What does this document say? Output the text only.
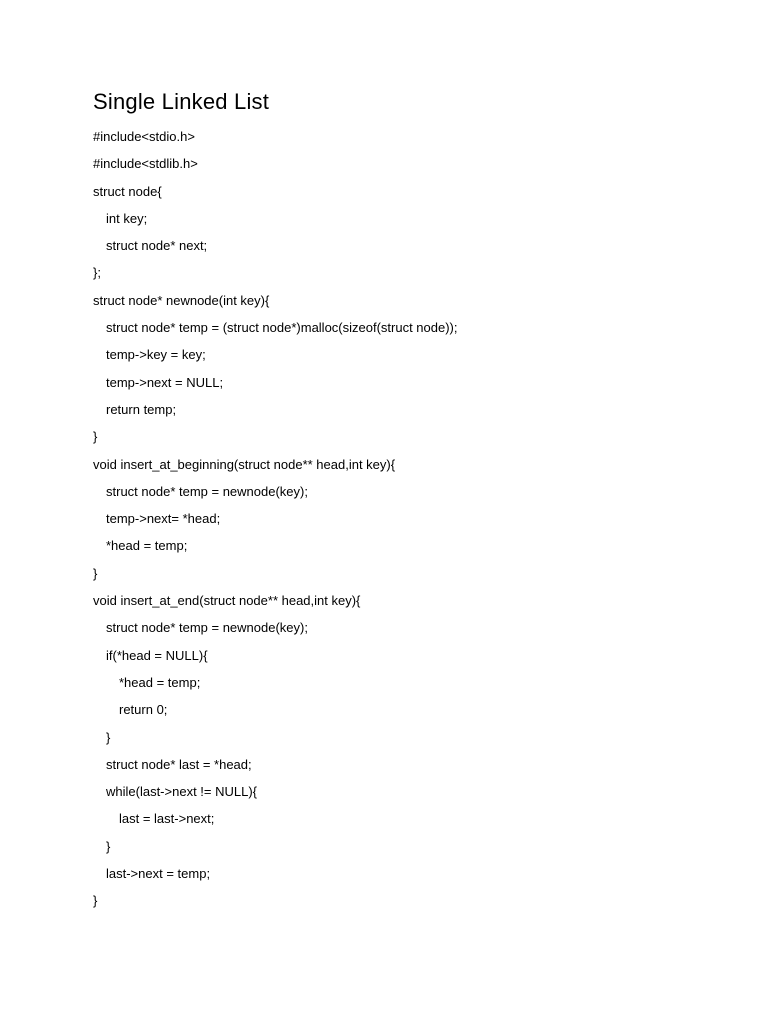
Single Linked List
#include<stdio.h>
#include<stdlib.h>
struct node{
int key;
struct node* next;
};
struct node* newnode(int key){
struct node* temp = (struct node*)malloc(sizeof(struct node));
temp->key = key;
temp->next = NULL;
return temp;
}
void insert_at_beginning(struct node** head,int key){
struct node* temp = newnode(key);
temp->next= *head;
*head = temp;
}
void insert_at_end(struct node** head,int key){
struct node* temp = newnode(key);
if(*head = NULL){
*head = temp;
return 0;
}
struct node* last = *head;
while(last->next != NULL){
last = last->next;
}
last->next = temp;
}
